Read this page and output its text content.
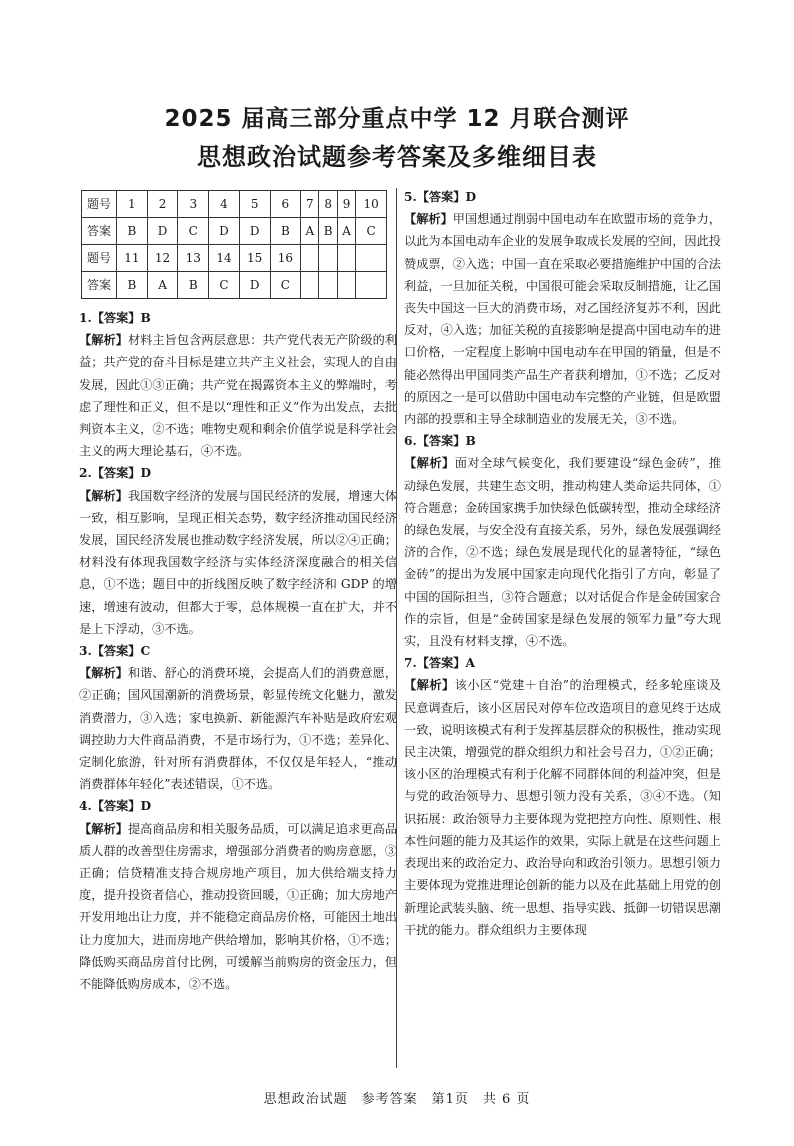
2025 届高三部分重点中学 12 月联合测评
思想政治试题参考答案及多维细目表
题号	1	2	3	4	5	6	7	8	9	10
答案	B	D	C	D	D	B	A	B	A	C
题号	11	12	13	14	15	16				
答案	B	A	B	C	D	C				
1.【答案】B
【解析】材料主旨包含两层意思：共产党代表无产阶级的利益；共产党的奋斗目标是建立共产主义社会，实现人的自由发展，因此①③正确；共产党在揭露资本主义的弊端时，考虑了理性和正义，但不是以“理性和正义”作为出发点，去批判资本主义，②不选；唯物史观和剩余价值学说是科学社会主义的两大理论基石，④不选。
2.【答案】D
【解析】我国数字经济的发展与国民经济的发展，增速大体一致，相互影响，呈现正相关态势，数字经济推动国民经济发展，国民经济发展也推动数字经济发展，所以②④正确；材料没有体现我国数字经济与实体经济深度融合的相关信息，①不选；题目中的折线图反映了数字经济和 GDP 的增速，增速有波动，但都大于零，总体规模一直在扩大，并不是上下浮动，③不选。
3.【答案】C
【解析】和谐、舒心的消费环境，会提高人们的消费意愿，②正确；国风国潮新的消费场景，彰显传统文化魅力，激发消费潜力，③入选；家电换新、新能源汽车补贴是政府宏观调控助力大件商品消费，不是市场行为，①不选；差异化、定制化旅游，针对所有消费群体，不仅仅是年轻人，“推动消费群体年轻化”表述错误，①不选。
4.【答案】D
【解析】提高商品房和相关服务品质，可以满足追求更高品质人群的改善型住房需求，增强部分消费者的购房意愿，③正确；信贷精准支持合规房地产项目，加大供给端支持力度，提升投资者信心，推动投资回暖，①正确；加大房地产开发用地出让力度，并不能稳定商品房价格，可能因土地出让力度加大，进而房地产供给增加，影响其价格，①不选；降低购买商品房首付比例，可缓解当前购房的资金压力，但不能降低购房成本，②不选。
5.【答案】D
【解析】甲国想通过削弱中国电动车在欧盟市场的竞争力，以此为本国电动车企业的发展争取成长发展的空间，因此投赞成票，②入选；中国一直在采取必要措施维护中国的合法利益，一旦加征关税，中国很可能会采取反制措施，让乙国丧失中国这一巨大的消费市场，对乙国经济复苏不利，因此反对，④入选；加征关税的直接影响是提高中国电动车的进口价格，一定程度上影响中国电动车在甲国的销量，但是不能必然得出甲国同类产品生产者获利增加，①不选；乙反对的原因之一是可以借助中国电动车完整的产业链，但是欧盟内部的投票和主导全球制造业的发展无关，③不选。
6.【答案】B
【解析】面对全球气候变化，我们要建设“绿色金砖”，推动绿色发展，共建生态文明，推动构建人类命运共同体，①符合题意；金砖国家携手加快绿色低碳转型，推动全球经济的绿色发展，与安全没有直接关系，另外，绿色发展强调经济的合作，②不选；绿色发展是现代化的显著特征，“绿色金砖”的提出为发展中国家走向现代化指引了方向，彰显了中国的国际担当，③符合题意；以对话促合作是金砖国家合作的宗旨，但是“金砖国家是绿色发展的领军力量”夸大现实，且没有材料支撑，④不选。
7.【答案】A
【解析】该小区“党建＋自治”的治理模式，经多轮座谈及民意调查后，该小区居民对停车位改造项目的意见终于达成一致，说明该模式有利于发挥基层群众的积极性，推动实现民主决策，增强党的群众组织力和社会号召力，①②正确；该小区的治理模式有利于化解不同群体间的利益冲突，但是与党的政治领导力、思想引领力没有关系，③④不选。（知识拓展：政治领导力主要体现为党把控方向性、原则性、根本性问题的能力及其运作的效果，实际上就是在这些问题上表现出来的政治定力、政治导向和政治引领力。思想引领力主要体现为党推进理论创新的能力以及在此基础上用党的创新理论武装头脑、统一思想、指导实践、抵御一切错误思潮干扰的能力。群众组织力主要体现
思想政治试题　参考答案　第1页　共 6 页
